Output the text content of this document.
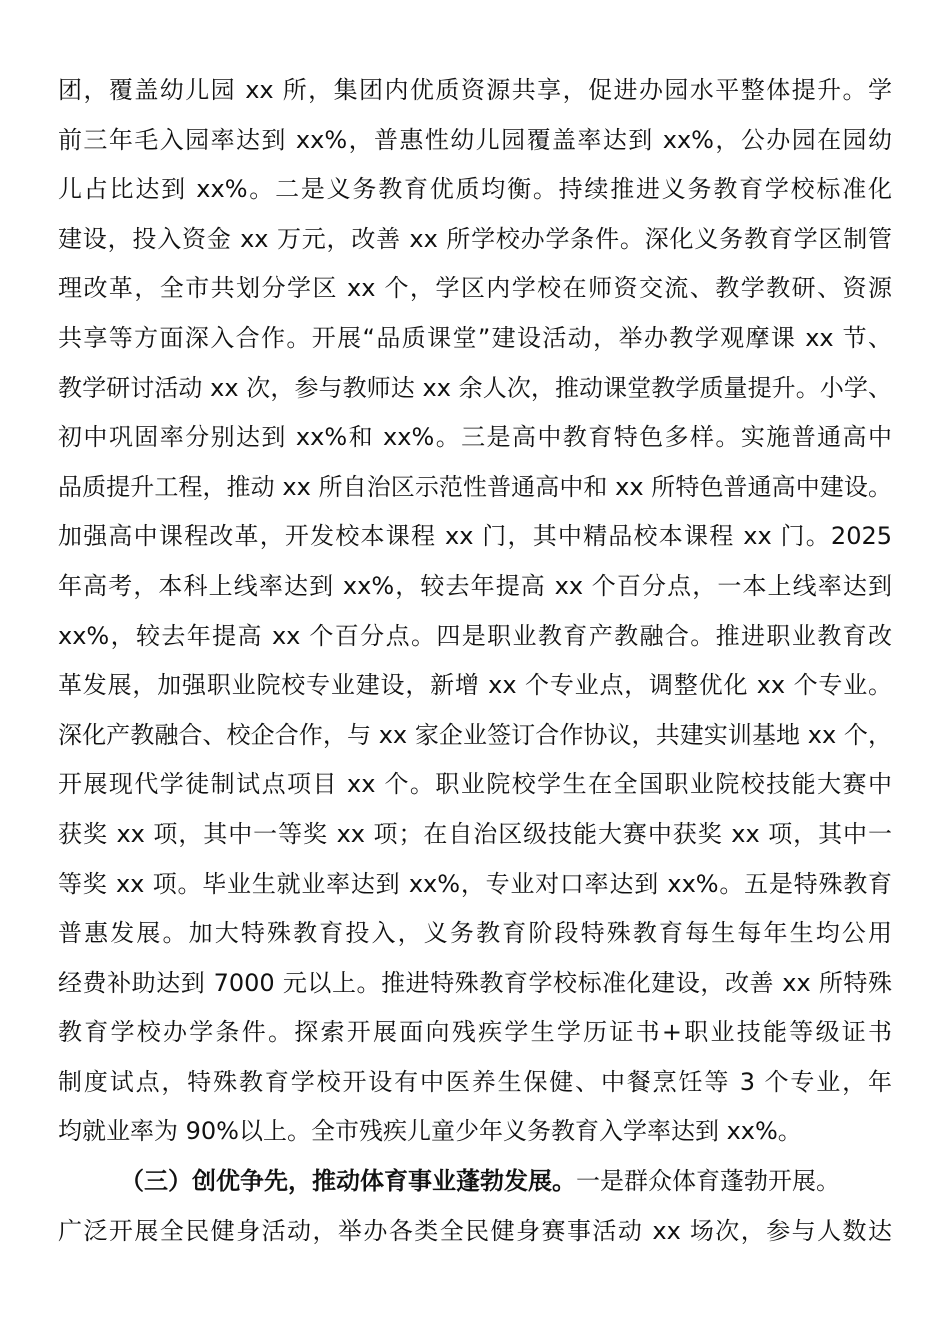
团，覆盖幼儿园 xx 所，集团内优质资源共享，促进办园水平整体提升。学
前三年毛入园率达到 xx%，普惠性幼儿园覆盖率达到 xx%，公办园在园幼
儿占比达到 xx%。二是义务教育优质均衡。持续推进义务教育学校标准化
建设，投入资金 xx 万元，改善 xx 所学校办学条件。深化义务教育学区制管
理改革，全市共划分学区 xx 个，学区内学校在师资交流、教学教研、资源
共享等方面深入合作。开展“品质课堂”建设活动，举办教学观摩课 xx 节、
教学研讨活动 xx 次，参与教师达 xx 余人次，推动课堂教学质量提升。小学、
初中巩固率分别达到 xx%和 xx%。三是高中教育特色多样。实施普通高中
品质提升工程，推动 xx 所自治区示范性普通高中和 xx 所特色普通高中建设。
加强高中课程改革，开发校本课程 xx 门，其中精品校本课程 xx 门。2025
年高考，本科上线率达到 xx%，较去年提高 xx 个百分点，一本上线率达到
xx%，较去年提高 xx 个百分点。四是职业教育产教融合。推进职业教育改
革发展，加强职业院校专业建设，新增 xx 个专业点，调整优化 xx 个专业。
深化产教融合、校企合作，与 xx 家企业签订合作协议，共建实训基地 xx 个，
开展现代学徒制试点项目 xx 个。职业院校学生在全国职业院校技能大赛中
获奖 xx 项，其中一等奖 xx 项；在自治区级技能大赛中获奖 xx 项，其中一
等奖 xx 项。毕业生就业率达到 xx%，专业对口率达到 xx%。五是特殊教育
普惠发展。加大特殊教育投入，义务教育阶段特殊教育每生每年生均公用
经费补助达到 7000 元以上。推进特殊教育学校标准化建设，改善 xx 所特殊
教育学校办学条件。探索开展面向残疾学生学历证书+职业技能等级证书
制度试点，特殊教育学校开设有中医养生保健、中餐烹饪等 3 个专业，年
均就业率为 90%以上。全市残疾儿童少年义务教育入学率达到 xx%。
（三）创优争先，推动体育事业蓬勃发展。一是群众体育蓬勃开展。
广泛开展全民健身活动，举办各类全民健身赛事活动 xx 场次，参与人数达
